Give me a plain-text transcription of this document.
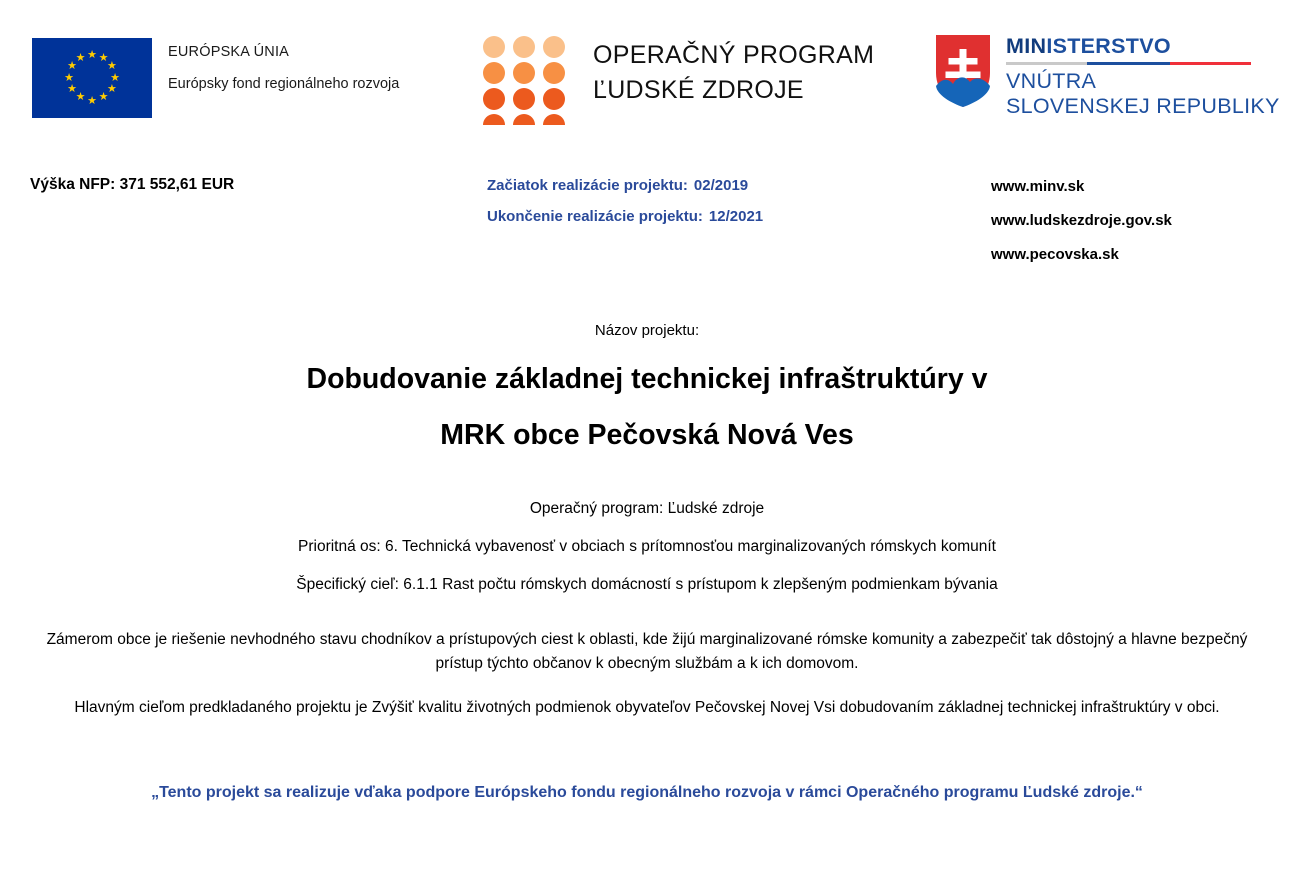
★ ★
★
★
★
★
★
★
★
★
★
★	EURÓPSKA ÚNIA
Európsky fond regionálneho rozvoja
OPERAČNÝ PROGRAM
ĽUDSKÉ ZDROJE
MINISTERSTVO
VNÚTRA
SLOVENSKEJ REPUBLIKY
Výška NFP: 371 552,61 EUR	Začiatok realizácie projektu: 02/2019
Ukončenie realizácie projektu: 12/2021
www.minv.sk
www.ludskezdroje.gov.sk
www.pecovska.sk
Názov projektu:
Dobudovanie základnej technickej infraštruktúry v
MRK obce Pečovská Nová Ves
Operačný program: Ľudské zdroje
Prioritná os: 6. Technická vybavenosť v obciach s prítomnosťou marginalizovaných rómskych komunít
Špecifický cieľ: 6.1.1 Rast počtu rómskych domácností s prístupom k zlepšeným podmienkam bývania
Zámerom obce je riešenie nevhodného stavu chodníkov a prístupových ciest k oblasti, kde žijú marginalizované rómske komunity a zabezpečiť tak dôstojný a hlavne bezpečný prístup týchto občanov k obecným službám a k ich domovom.
Hlavným cieľom predkladaného projektu je Zvýšiť kvalitu životných podmienok obyvateľov Pečovskej Novej Vsi dobudovaním základnej technickej infraštruktúry v obci.
„Tento projekt sa realizuje vďaka podpore Európskeho fondu regionálneho rozvoja v rámci Operačného programu Ľudské zdroje.“
